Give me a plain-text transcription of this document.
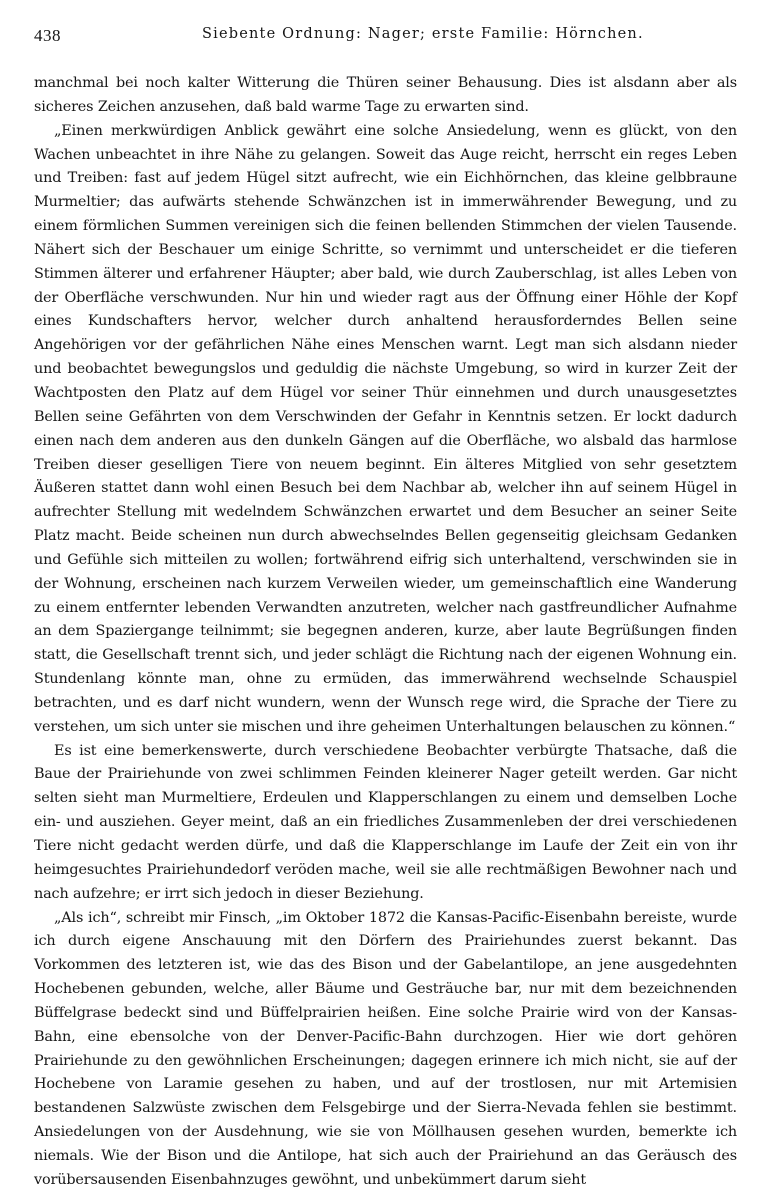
438	Siebente Ordnung: Nager; erste Familie: Hörnchen.

manchmal bei noch kalter Witterung die Thüren seiner Behausung. Dies ist alsdann aber als sicheres Zeichen anzusehen, daß bald warme Tage zu erwarten sind.

„Einen merkwürdigen Anblick gewährt eine solche Ansiedelung, wenn es glückt, von den Wachen unbeachtet in ihre Nähe zu gelangen. Soweit das Auge reicht, herrscht ein reges Leben und Treiben: fast auf jedem Hügel sitzt aufrecht, wie ein Eichhörnchen, das kleine gelbbraune Murmeltier; das aufwärts stehende Schwänzchen ist in immerwährender Bewegung, und zu einem förmlichen Summen vereinigen sich die feinen bellenden Stimmchen der vielen Tausende. Nähert sich der Beschauer um einige Schritte, so vernimmt und unterscheidet er die tieferen Stimmen älterer und erfahrener Häupter; aber bald, wie durch Zauberschlag, ist alles Leben von der Oberfläche verschwunden. Nur hin und wieder ragt aus der Öffnung einer Höhle der Kopf eines Kundschafters hervor, welcher durch anhaltend herausforderndes Bellen seine Angehörigen vor der gefährlichen Nähe eines Menschen warnt. Legt man sich alsdann nieder und beobachtet bewegungslos und geduldig die nächste Umgebung, so wird in kurzer Zeit der Wachtposten den Platz auf dem Hügel vor seiner Thür einnehmen und durch unausgesetztes Bellen seine Gefährten von dem Verschwinden der Gefahr in Kenntnis setzen. Er lockt dadurch einen nach dem anderen aus den dunkeln Gängen auf die Oberfläche, wo alsbald das harmlose Treiben dieser geselligen Tiere von neuem beginnt. Ein älteres Mitglied von sehr gesetztem Äußeren stattet dann wohl einen Besuch bei dem Nachbar ab, welcher ihn auf seinem Hügel in aufrechter Stellung mit wedelndem Schwänzchen erwartet und dem Besucher an seiner Seite Platz macht. Beide scheinen nun durch abwechselndes Bellen gegenseitig gleichsam Gedanken und Gefühle sich mitteilen zu wollen; fortwährend eifrig sich unterhaltend, verschwinden sie in der Wohnung, erscheinen nach kurzem Verweilen wieder, um gemeinschaftlich eine Wanderung zu einem entfernter lebenden Verwandten anzutreten, welcher nach gastfreundlicher Aufnahme an dem Spaziergange teilnimmt; sie begegnen anderen, kurze, aber laute Begrüßungen finden statt, die Gesellschaft trennt sich, und jeder schlägt die Richtung nach der eigenen Wohnung ein. Stundenlang könnte man, ohne zu ermüden, das immerwährend wechselnde Schauspiel betrachten, und es darf nicht wundern, wenn der Wunsch rege wird, die Sprache der Tiere zu verstehen, um sich unter sie mischen und ihre geheimen Unterhaltungen belauschen zu können.“

Es ist eine bemerkenswerte, durch verschiedene Beobachter verbürgte Thatsache, daß die Baue der Prairiehunde von zwei schlimmen Feinden kleinerer Nager geteilt werden. Gar nicht selten sieht man Murmeltiere, Erdeulen und Klapperschlangen zu einem und demselben Loche ein- und ausziehen. Geyer meint, daß an ein friedliches Zusammenleben der drei verschiedenen Tiere nicht gedacht werden dürfe, und daß die Klapperschlange im Laufe der Zeit ein von ihr heimgesuchtes Prairiehundedorf veröden mache, weil sie alle rechtmäßigen Bewohner nach und nach aufzehre; er irrt sich jedoch in dieser Beziehung.

„Als ich“, schreibt mir Finsch, „im Oktober 1872 die Kansas-Pacific-Eisenbahn bereiste, wurde ich durch eigene Anschauung mit den Dörfern des Prairiehundes zuerst bekannt. Das Vorkommen des letzteren ist, wie das des Bison und der Gabelantilope, an jene ausgedehnten Hochebenen gebunden, welche, aller Bäume und Gesträuche bar, nur mit dem bezeichnenden Büffelgrase bedeckt sind und Büffelprairien heißen. Eine solche Prairie wird von der Kansas-Bahn, eine ebensolche von der Denver-Pacific-Bahn durchzogen. Hier wie dort gehören Prairiehunde zu den gewöhnlichen Erscheinungen; dagegen erinnere ich mich nicht, sie auf der Hochebene von Laramie gesehen zu haben, und auf der trostlosen, nur mit Artemisien bestandenen Salzwüste zwischen dem Felsgebirge und der Sierra-Nevada fehlen sie bestimmt. Ansiedelungen von der Ausdehnung, wie sie von Möllhausen gesehen wurden, bemerkte ich niemals. Wie der Bison und die Antilope, hat sich auch der Prairiehund an das Geräusch des vorübersausenden Eisenbahnzuges gewöhnt, und unbekümmert darum sieht
